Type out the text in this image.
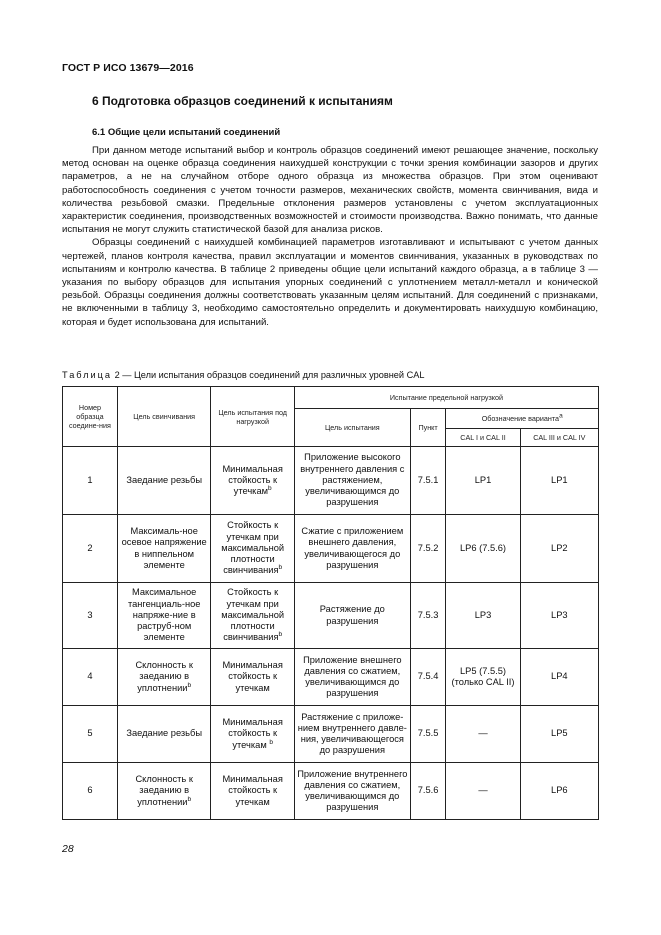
ГОСТ Р ИСО 13679—2016
6 Подготовка образцов соединений к испытаниям
6.1 Общие цели испытаний соединений

При данном методе испытаний выбор и контроль образцов соединений имеют решающее значение, поскольку метод основан на оценке образца соединения наихудшей конструкции с точки зрения комбинации зазоров и других параметров, а не на случайном отборе одного образца из множества образцов. При этом оценивают работоспособность соединения с учетом точности размеров, механических свойств, момента свинчивания, вида и количества резьбовой смазки. Предельные отклонения размеров установлены с учетом эксплуатационных характеристик соединения, производственных возможностей и стоимости производства. Важно понимать, что данные испытания не могут служить статистической базой для анализа рисков.

Образцы соединений с наихудшей комбинацией параметров изготавливают и испытывают с учетом данных чертежей, планов контроля качества, правил эксплуатации и моментов свинчивания, указанных в руководствах по испытаниям и контролю качества. В таблице 2 приведены общие цели испытаний каждого образца, а в таблице 3 — указания по выбору образцов для испытания упорных соединений с уплотнением металл-металл и конической резьбой. Образцы соединения должны соответствовать указанным целям испытаний. Для соединений с признаками, не включенными в таблицу 3, необходимо самостоятельно определить и документировать наихудшую комбинацию, которая и будет использована для испытаний.

Таблица 2 — Цели испытания образцов соединений для различных уровней CAL
Номер образца соедине-ния	Цель свинчивания	Цель испытания под нагрузкой	Испытание предельной нагрузкой			
			Цель испытания	Пункт	Обозначение варианта$^a$
					CAL I и CAL II	CAL III и CAL IV
1	Заедание резьбы	Минимальная стойкость к утечкам$^b$	Приложение высокого внутреннего давления с растяжением, увеличивающимся до разрушения	7.5.1	LP1	LP1
2	Максималь-ное осевое напряжение в ниппельном элементе	Стойкость к утечкам при максимальной плотности свинчивания$^b$	Сжатие с приложением внешнего давления, увеличивающегося до разрушения	7.5.2	LP6 (7.5.6)	LP2
3	Максимальное тангенциаль-ное напряже-ние в раструб-ном элементе	Стойкость к утечкам при максимальной плотности свинчивания$^b$	Растяжение до разрушения	7.5.3	LP3	LP3
4	Склонность к заеданию в уплотнении$^b$	Минимальная стойкость к утечкам	Приложение внешнего давления со сжатием, увеличивающимся до разрушения	7.5.4	LP5 (7.5.5) (только CAL II)	LP4
5	Заедание резьбы	Минимальная стойкость к утечкам $^b$	Растяжение с приложе-нием внутреннего давле-ния, увеличивающегося до разрушения	7.5.5	—	LP5
6	Склонность к заеданию в уплотнении$^b$	Минимальная стойкость к утечкам	Приложение внутреннего давления со сжатием, увеличивающимся до разрушения	7.5.6	—	LP6
28
